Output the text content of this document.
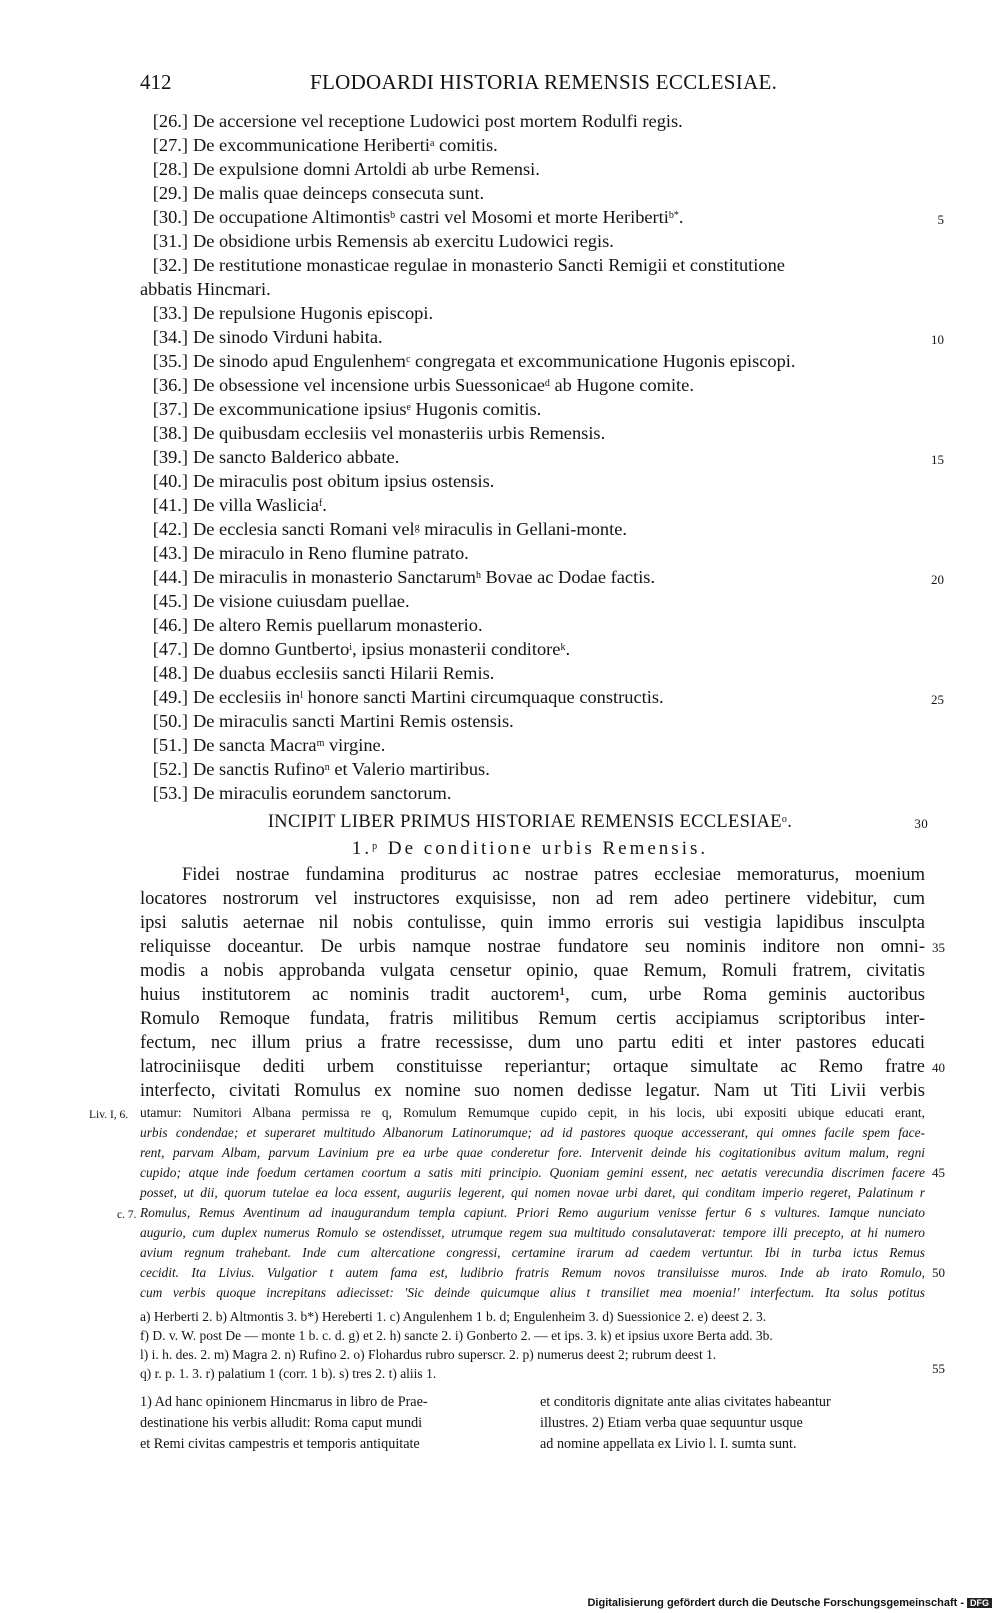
412	FLODOARDI HISTORIA REMENSIS ECCLESIAE.
[26.] De accersione vel receptione Ludowici post mortem Rodulfi regis.
[27.] De excommunicatione Heriberti$^a$ comitis.
[28.] De expulsione domni Artoldi ab urbe Remensi.
[29.] De malis quae deinceps consecuta sunt.
[30.] De occupatione Altimontis$^b$ castri vel Mosomi et morte Heriberti$^{b*}$.	5
[31.] De obsidione urbis Remensis ab exercitu Ludowici regis.
[32.] De restitutione monasticae regulae in monasterio Sancti Remigii et constitutione
abbatis Hincmari.
[33.] De repulsione Hugonis episcopi.
[34.] De sinodo Virduni habita.	10
[35.] De sinodo apud Engulenhem$^c$ congregata et excommunicatione Hugonis episcopi.
[36.] De obsessione vel incensione urbis Suessonicae$^d$ ab Hugone comite.
[37.] De excommunicatione ipsius$^e$ Hugonis comitis.
[38.] De quibusdam ecclesiis vel monasteriis urbis Remensis.
[39.] De sancto Balderico abbate.	15
[40.] De miraculis post obitum ipsius ostensis.
[41.] De villa Waslicia$^f$.
[42.] De ecclesia sancti Romani vel$^g$ miraculis in Gellani-monte.
[43.] De miraculo in Reno flumine patrato.
[44.] De miraculis in monasterio Sanctarum$^h$ Bovae ac Dodae factis.	20
[45.] De visione cuiusdam puellae.
[46.] De altero Remis puellarum monasterio.
[47.] De domno Guntberto$^i$, ipsius monasterii conditore$^k$.
[48.] De duabus ecclesiis sancti Hilarii Remis.
[49.] De ecclesiis $in^l$ honore sancti Martini circumquaque constructis.	25
[50.] De miraculis sancti Martini Remis ostensis.
[51.] De sancta Macra$^m$ virgine.
[52.] De sanctis Rufino$^n$ et Valerio martiribus.
[53.] De miraculis eorundem sanctorum.
INCIPIT LIBER PRIMUS HISTORIAE REMENSIS ECCLESIAE$^o$.	30
1.$^p$ De conditione urbis Remensis.
Fidei nostrae fundamina proditurus ac nostrae patres ecclesiae memoraturus, moenium
locatores nostrorum vel instructores exquisisse, non ad rem adeo pertinere videbitur, cum
ipsi salutis aeternae nil nobis contulisse, quin immo erroris sui vestigia lapidibus insculpta
reliquisse doceantur. De urbis namque nostrae fundatore seu nominis inditore non omni-
modis a nobis approbanda vulgata censetur opinio, quae Remum, Romuli fratrem, civitatis
huius institutorem ac nominis tradit auctorem¹, cum, urbe Roma geminis auctoribus
Romulo Remoque fundata, fratris militibus Remum certis accipiamus scriptoribus inter-
fectum, nec illum prius a fratre recessisse, dum uno partu editi et inter pastores educati
latrociniisque dediti urbem constituisse reperiantur; ortaque simultate ac Remo fratre
interfecto, civitati Romulus ex nomine suo nomen dedisse legatur. Nam ut Titi Livii verbis
utamur: Numitori Albana permissa re q, Romulum Remumque cupido cepit, in his locis, ubi expositi ubique educati erant,
urbis condendae; et superaret multitudo Albanorum Latinorumque; ad id pastores quoque accesserant, qui omnes facile spem face-
rent, parvam Albam, parvum Lavinium pre ea urbe quae conderetur fore. Intervenit deinde his cogitationibus avitum malum, regni
cupido; atque inde foedum certamen coortum a satis miti principio. Quoniam gemini essent, nec aetatis verecundia discrimen facere
posset, ut dii, quorum tutelae ea loca essent, auguriis legerent, qui nomen novae urbi daret, qui conditam imperio regeret, Palatinum r
Romulus, Remus Aventinum ad inaugurandum templa capiunt. Priori Remo augurium venisse fertur 6 s vultures. Iamque nunciato
augurio, cum duplex numerus Romulo se ostendisset, utrumque regem sua multitudo consalutaverat: tempore illi precepto, at hi numero
avium regnum trahebant. Inde cum altercatione congressi, certamine irarum ad caedem vertuntur. Ibi in turba ictus Remus
cecidit. Ita Livius. Vulgatior t autem fama est, ludibrio fratris Remum novos transiluisse muros. Inde ab irato Romulo,
cum verbis quoque increpitans adiecisset: 'Sic deinde quicumque alius t transiliet mea moenia!' interfectum. Ita solus potitus
a) Herberti 2. b) Altmontis 3. b*) Hereberti 1. c) Angulenhem 1 b. d; Engulenheim 3. d) Suessionice 2. e) deest 2. 3.
f) D. v. W. post De — monte 1 b. c. d. g) et 2. h) sancte 2. i) Gonberto 2. — et ips. 3. k) et ipsius uxore Berta add. 3b.
l) i. h. des. 2. m) Magra 2. n) Rufino 2. o) Flohardus rubro superscr. 2. p) numerus deest 2; rubrum deest 1.
q) r. p. 1. 3. r) palatium 1 (corr. 1 b). s) tres 2. t) aliis 1.	55
1) Ad hanc opinionem Hincmarus in libro de Prae-
destinatione his verbis alludit: Roma caput mundi
et Remi civitas campestris et temporis antiquitate
et conditoris dignitate ante alias civitates habeantur
illustres. 2) Etiam verba quae sequuntur usque
ad nomine appellata ex Livio l. I. sumta sunt.
Digitalisierung gefördert durch die Deutsche Forschungsgemeinschaft - DFG
35
40
45
50
Liv. I, 6.
c. 7.
